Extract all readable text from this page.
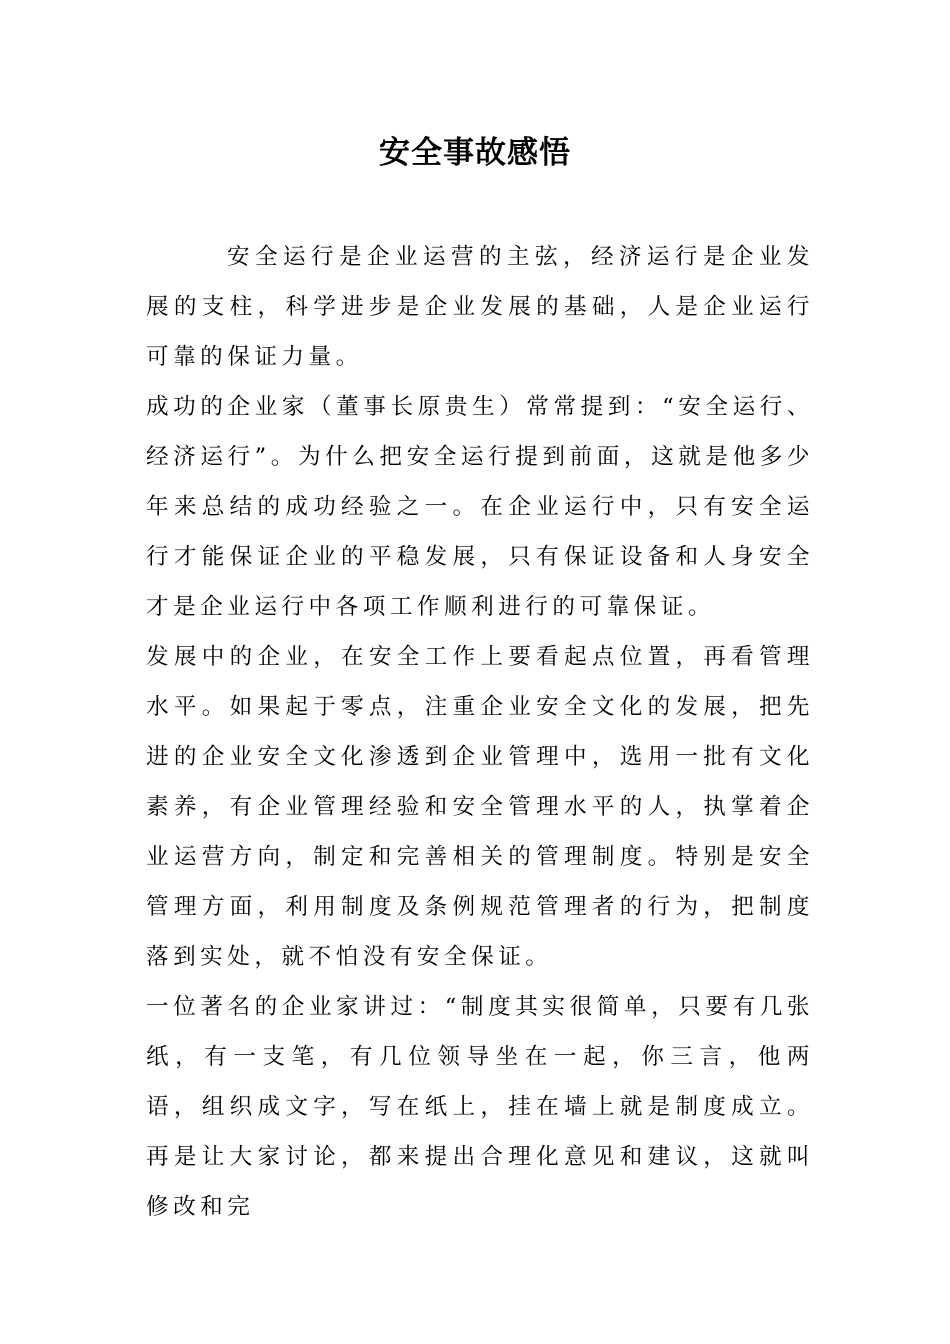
安全事故感悟

安全运行是企业运营的主弦，经济运行是企业发展的支柱，科学进步是企业发展的基础，人是企业运行可靠的保证力量。

成功的企业家（董事长原贵生）常常提到：“安全运行、经济运行”。为什么把安全运行提到前面，这就是他多少年来总结的成功经验之一。在企业运行中，只有安全运行才能保证企业的平稳发展，只有保证设备和人身安全才是企业运行中各项工作顺利进行的可靠保证。

发展中的企业，在安全工作上要看起点位置，再看管理水平。如果起于零点，注重企业安全文化的发展，把先进的企业安全文化渗透到企业管理中，选用一批有文化素养，有企业管理经验和安全管理水平的人，执掌着企业运营方向，制定和完善相关的管理制度。特别是安全管理方面，利用制度及条例规范管理者的行为，把制度落到实处，就不怕没有安全保证。

一位著名的企业家讲过：“制度其实很简单，只要有几张纸，有一支笔，有几位领导坐在一起，你三言，他两语，组织成文字，写在纸上，挂在墙上就是制度成立。再是让大家讨论，都来提出合理化意见和建议，这就叫修改和完
